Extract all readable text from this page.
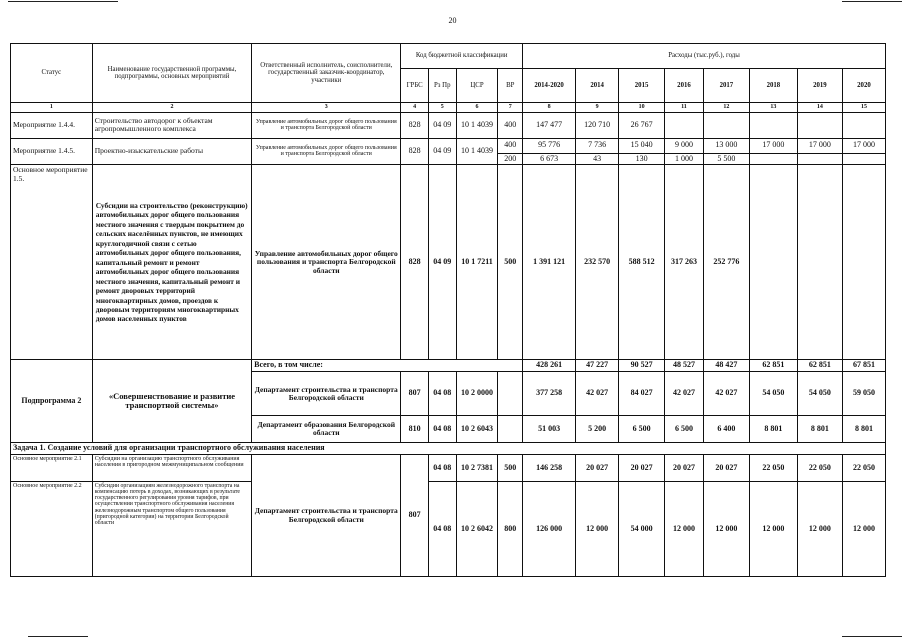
20
Статус	Наименование государственной программы, подпрограммы, основных мероприятий	Ответственный исполнитель, соисполнители, государственный заказчик-координатор, участники	Код бюджетной классификации				Расходы (тыс.руб.), годы							
			ГРБС	Рз Пр	ЦСР	ВР	2014-2020	2014	2015	2016	2017	2018	2019	2020
1	2	3	4	5	6	7	8	9	10	11	12	13	14	15
Мероприятие 1.4.4.	Строительство автодорог к объектам агропромышленного комплекса	Управление автомобильных дорог общего пользования и транспорта Белгородской области	828	04 09	10 1 4039	400	147 477	120 710	26 767					
Мероприятие 1.4.5.	Проектно-изыскательские работы	Управление автомобильных дорог общего пользования и транспорта Белгородской области	828	04 09	10 1 4039	400	95 776	7 736	15 040	9 000	13 000	17 000	17 000	17 000
						200	6 673	43	130	1 000	5 500			
Основное мероприятие 1.5.	Субсидии на строительство (реконструкцию) автомобильных дорог общего пользования местного значения с твердым покрытием до сельских населённых пунктов, не имеющих круглогодичной связи с сетью автомобильных дорог общего пользования, капитальный ремонт и ремонт автомобильных дорог общего пользования местного значения, капитальный ремонт и ремонт дворовых территорий многоквартирных домов, проездов к дворовым территориям многоквартирных домов населенных пунктов	Управление автомобильных дорог общего пользования и транспорта Белгородской области	828	04 09	10 1 7211	500	1 391 121	232 570	588 512	317 263	252 776			
Подпрограмма 2	«Совершенствование и развитие транспортной системы»	Всего, в том числе:					428 261	47 227	90 527	48 527	48 427	62 851	62 851	67 851
		Департамент строительства и транспорта Белгородской области	807	04 08	10 2 0000		377 258	42 027	84 027	42 027	42 027	54 050	54 050	59 050
		Департамент образования Белгородской области	810	04 08	10 2 6043		51 003	5 200	6 500	6 500	6 400	8 801	8 801	8 801
Задача 1. Создание условий для организации транспортного обслуживания населения														
Основное мероприятие 2.1	Субсидии на организацию транспортного обслуживания населения в пригородном межмуниципальном сообщении	Департамент строительства и транспорта Белгородской области	807	04 08	10 2 7381	500	146 258	20 027	20 027	20 027	20 027	22 050	22 050	22 050
Основное мероприятие 2.2	Субсидии организациям железнодорожного транспорта на компенсацию потерь в доходах, возникающих в результате государственного регулирования уровня тарифов, при осуществлении транспортного обслуживания населения железнодорожным транспортом общего пользования (пригородной категории) на территории Белгородской области			04 08	10 2 6042	800	126 000	12 000	54 000	12 000	12 000	12 000	12 000	12 000
